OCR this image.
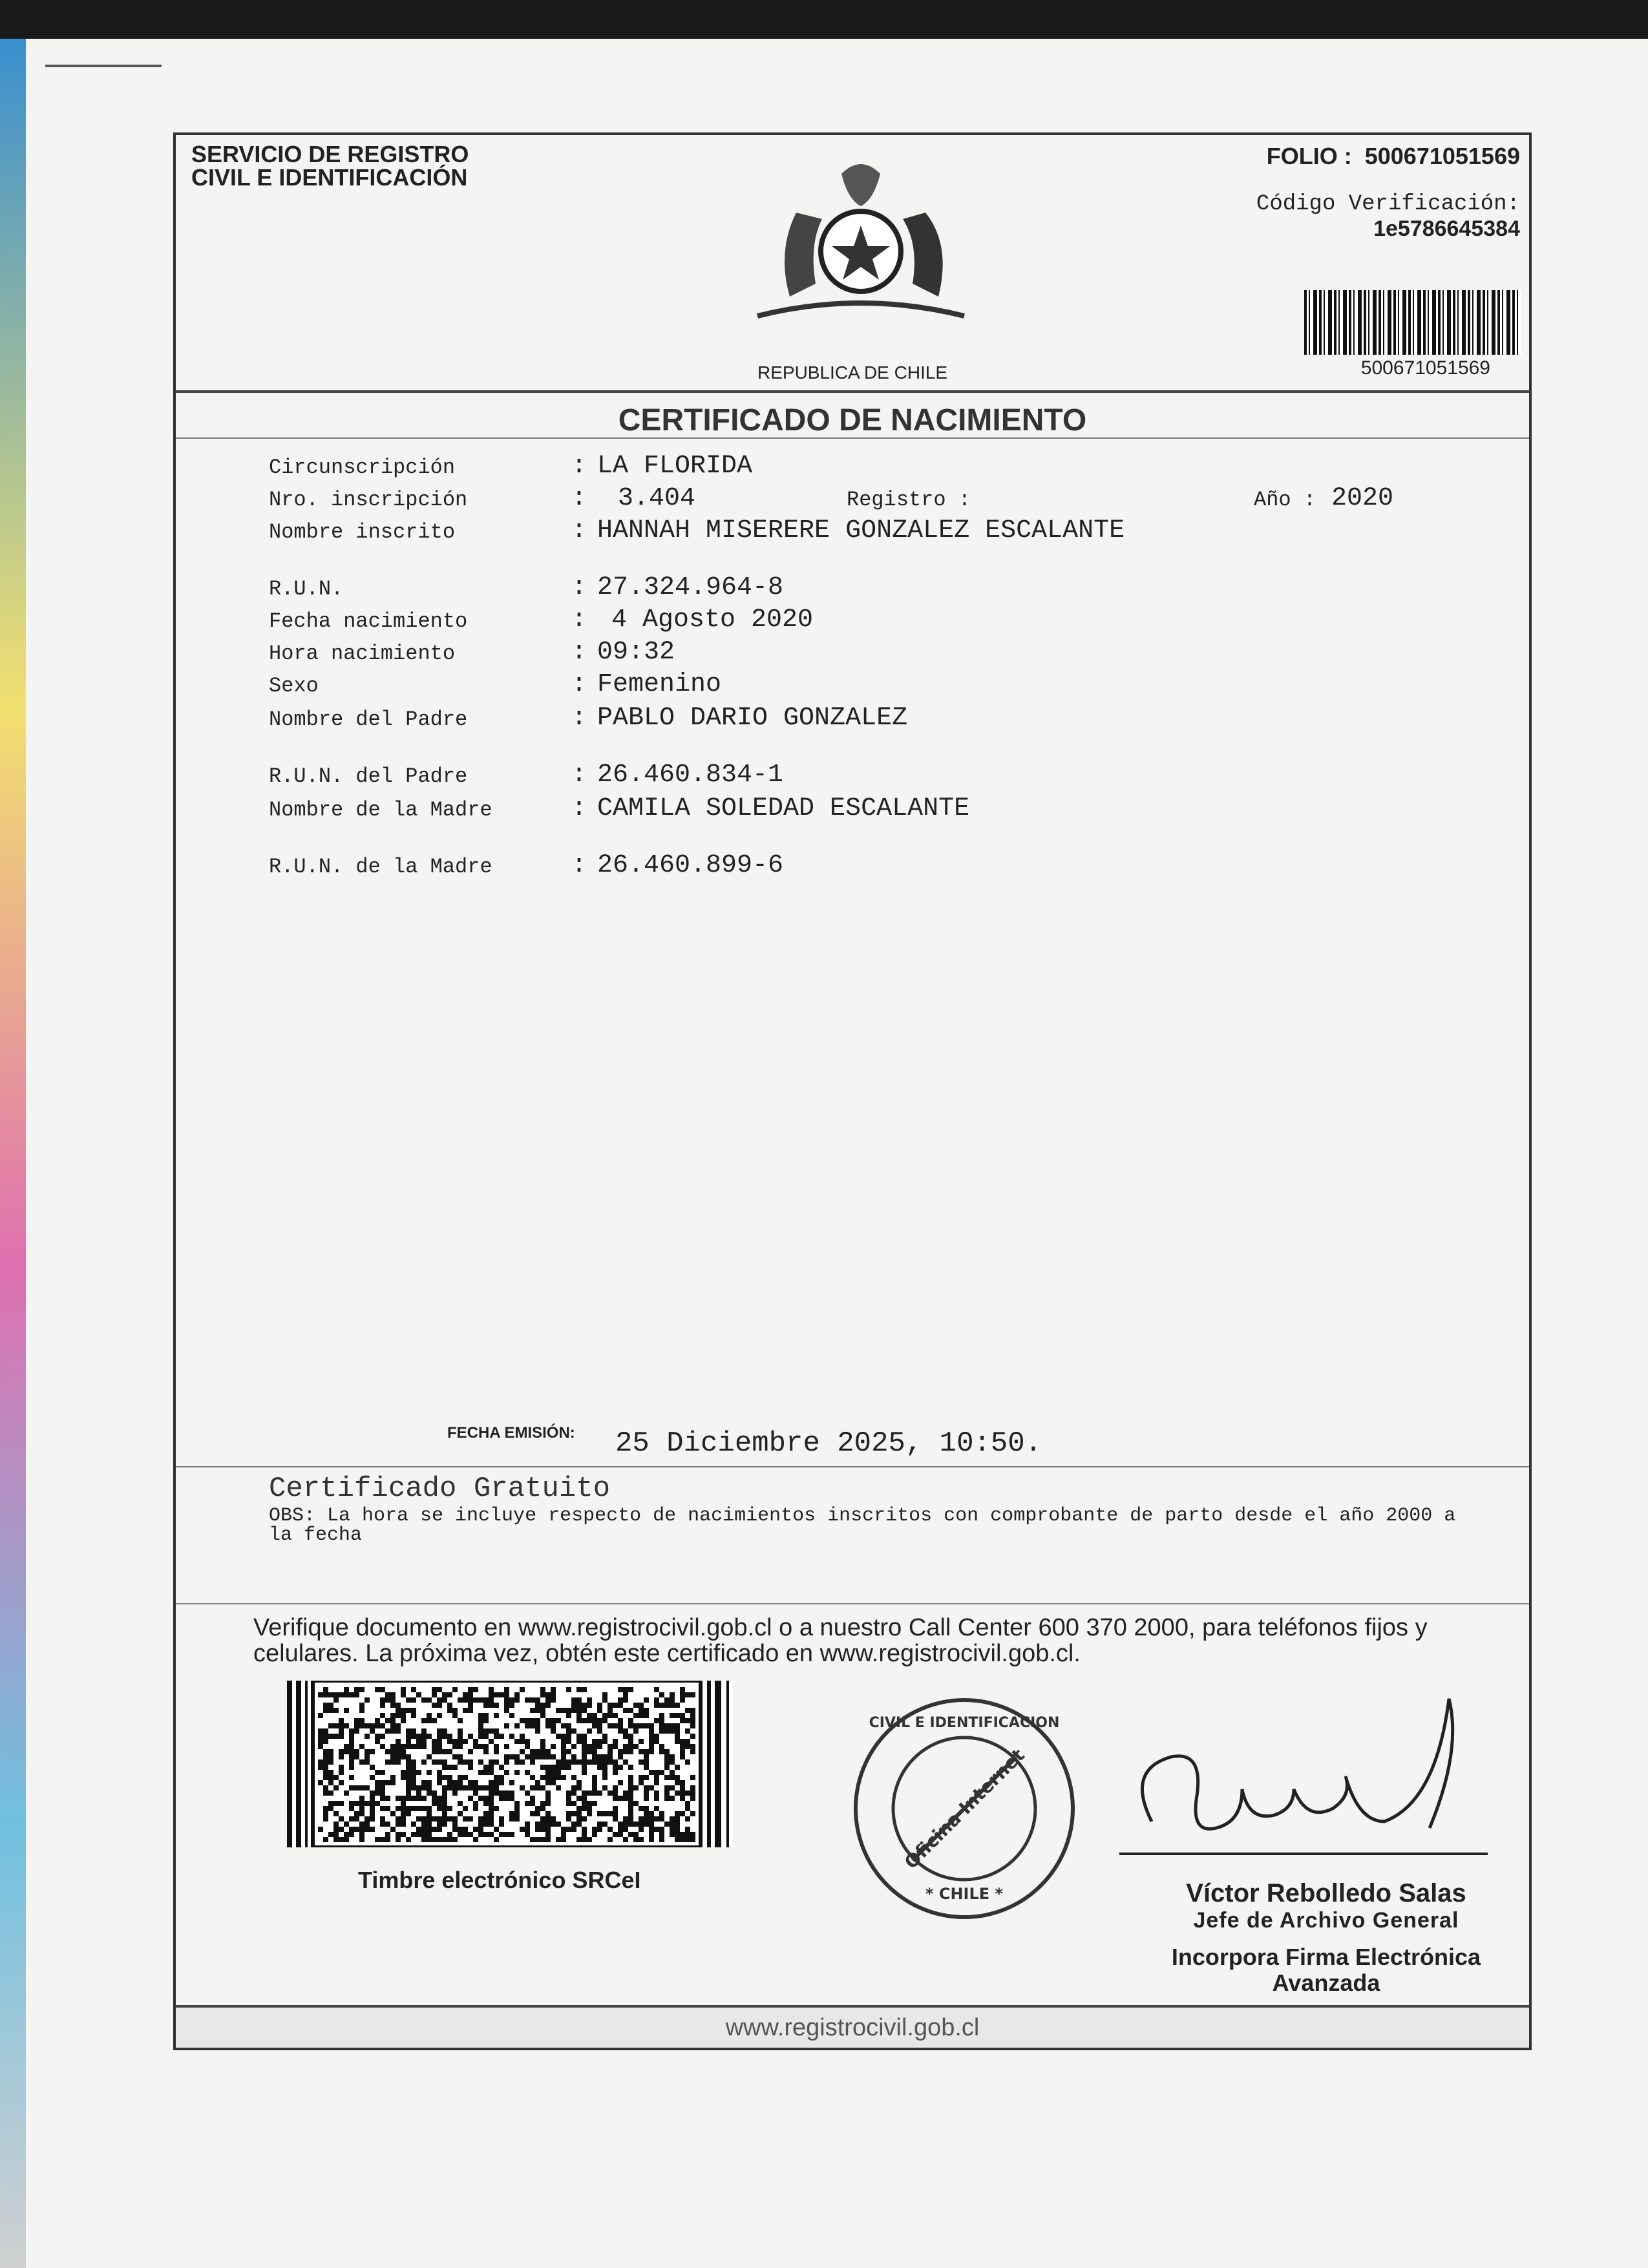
SERVICIO DE REGISTRO
CIVIL E IDENTIFICACIÓN
FOLIO : 500671051569
Código Verificación:
1e5786645384
500671051569
REPUBLICA DE CHILE
CERTIFICADO DE NACIMIENTO
Circunscripción	: LA FLORIDA
Nro. inscripción	: 3.404	Registro :	Año : 2020
Nombre inscrito	: HANNAH MISERERE GONZALEZ ESCALANTE
R.U.N.	: 27.324.964-8
Fecha nacimiento	: 4 Agosto 2020
Hora nacimiento	: 09:32
Sexo	: Femenino
Nombre del Padre	: PABLO DARIO GONZALEZ
R.U.N. del Padre	: 26.460.834-1
Nombre de la Madre	: CAMILA SOLEDAD ESCALANTE
R.U.N. de la Madre	: 26.460.899-6
FECHA EMISIÓN: 25 Diciembre 2025, 10:50.
Certificado Gratuito
OBS: La hora se incluye respecto de nacimientos inscritos con comprobante de parto desde el año 2000 a la fecha
Verifique documento en www.registrocivil.gob.cl o a nuestro Call Center 600 370 2000, para teléfonos fijos y celulares. La próxima vez, obtén este certificado en www.registrocivil.gob.cl.
Timbre electrónico SRCeI
CIVIL E IDENTIFICACION
Oficina Internet
* CHILE *	Víctor Rebolledo Salas
Jefe de Archivo General
Incorpora Firma Electrónica
Avanzada
www.registrocivil.gob.cl
